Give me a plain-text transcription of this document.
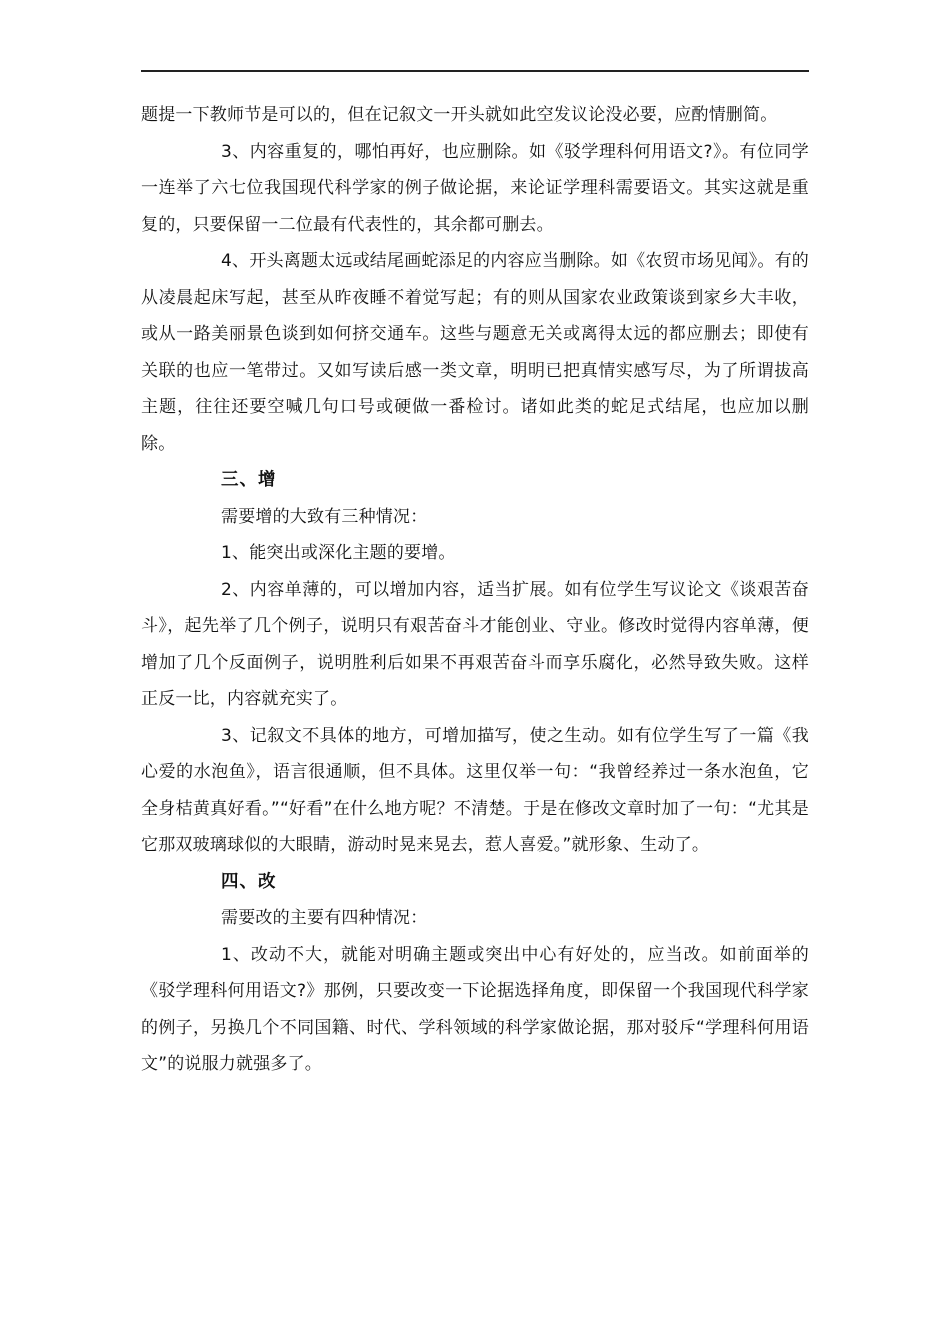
题提一下教师节是可以的，但在记叙文一开头就如此空发议论没必要，应酌情删简。

3、内容重复的，哪怕再好，也应删除。如《驳学理科何用语文?》。有位同学一连举了六七位我国现代科学家的例子做论据，来论证学理科需要语文。其实这就是重复的，只要保留一二位最有代表性的，其余都可删去。

4、开头离题太远或结尾画蛇添足的内容应当删除。如《农贸市场见闻》。有的从凌晨起床写起，甚至从昨夜睡不着觉写起；有的则从国家农业政策谈到家乡大丰收，或从一路美丽景色谈到如何挤交通车。这些与题意无关或离得太远的都应删去；即使有关联的也应一笔带过。又如写读后感一类文章，明明已把真情实感写尽，为了所谓拔高主题，往往还要空喊几句口号或硬做一番检讨。诸如此类的蛇足式结尾，也应加以删除。

三、增

需要增的大致有三种情况：

1、能突出或深化主题的要增。

2、内容单薄的，可以增加内容，适当扩展。如有位学生写议论文《谈艰苦奋斗》，起先举了几个例子，说明只有艰苦奋斗才能创业、守业。修改时觉得内容单薄，便增加了几个反面例子，说明胜利后如果不再艰苦奋斗而享乐腐化，必然导致失败。这样正反一比，内容就充实了。

3、记叙文不具体的地方，可增加描写，使之生动。如有位学生写了一篇《我心爱的水泡鱼》，语言很通顺，但不具体。这里仅举一句：“我曾经养过一条水泡鱼，它全身桔黄真好看。”“好看”在什么地方呢？不清楚。于是在修改文章时加了一句：“尤其是它那双玻璃球似的大眼睛，游动时晃来晃去，惹人喜爱。”就形象、生动了。

四、改

需要改的主要有四种情况：

1、改动不大，就能对明确主题或突出中心有好处的，应当改。如前面举的《驳学理科何用语文?》那例，只要改变一下论据选择角度，即保留一个我国现代科学家的例子，另换几个不同国籍、时代、学科领域的科学家做论据，那对驳斥“学理科何用语文”的说服力就强多了。
